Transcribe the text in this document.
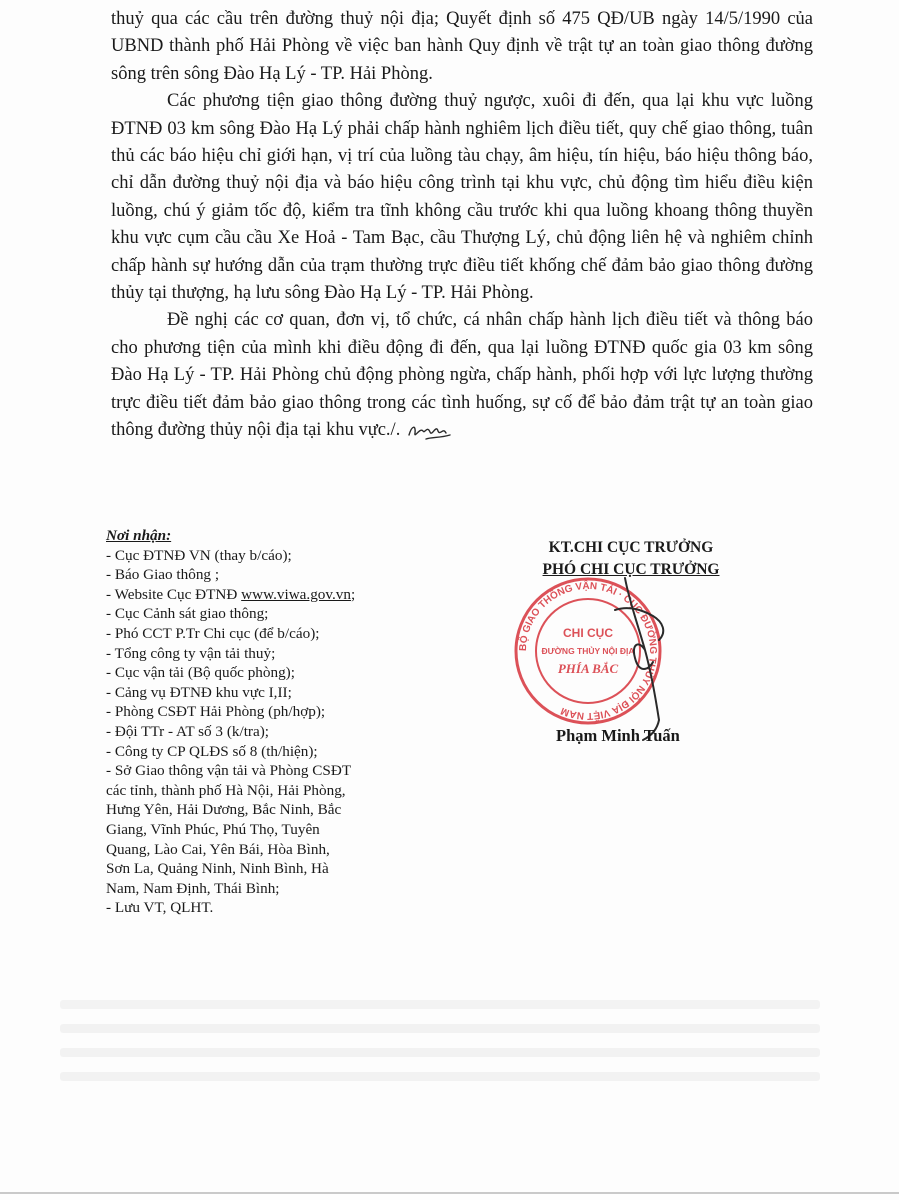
thuỷ qua các cầu trên đường thuỷ nội địa; Quyết định số 475 QĐ/UB ngày 14/5/1990 của UBND thành phố Hải Phòng về việc ban hành Quy định về trật tự an toàn giao thông đường sông trên sông Đào Hạ Lý - TP. Hải Phòng.

Các phương tiện giao thông đường thuỷ ngược, xuôi đi đến, qua lại khu vực luồng ĐTNĐ 03 km sông Đào Hạ Lý phải chấp hành nghiêm lịch điều tiết, quy chế giao thông, tuân thủ các báo hiệu chỉ giới hạn, vị trí của luồng tàu chạy, âm hiệu, tín hiệu, báo hiệu thông báo, chỉ dẫn đường thuỷ nội địa và báo hiệu công trình tại khu vực, chủ động tìm hiểu điều kiện luồng, chú ý giảm tốc độ, kiểm tra tĩnh không cầu trước khi qua luồng khoang thông thuyền khu vực cụm cầu cầu Xe Hoả - Tam Bạc, cầu Thượng Lý, chủ động liên hệ và nghiêm chỉnh chấp hành sự hướng dẫn của trạm thường trực điều tiết khống chế đảm bảo giao thông đường thủy tại thượng, hạ lưu sông Đào Hạ Lý - TP. Hải Phòng.

Đề nghị các cơ quan, đơn vị, tổ chức, cá nhân chấp hành lịch điều tiết và thông báo cho phương tiện của mình khi điều động đi đến, qua lại luồng ĐTNĐ quốc gia 03 km sông Đào Hạ Lý - TP. Hải Phòng chủ động phòng ngừa, chấp hành, phối hợp với lực lượng thường trực điều tiết đảm bảo giao thông trong các tình huống, sự cố để bảo đảm trật tự an toàn giao thông đường thủy nội địa tại khu vực./.

Nơi nhận:
- Cục ĐTNĐ VN (thay b/cáo);
- Báo Giao thông ;
- Website Cục ĐTNĐ www.viwa.gov.vn;
- Cục Cảnh sát giao thông;
- Phó CCT P.Tr Chi cục (để b/cáo);
- Tổng công ty vận tải thuỷ;
- Cục vận tải (Bộ quốc phòng);
- Cảng vụ ĐTNĐ khu vực I,II;
- Phòng CSĐT Hải Phòng (ph/hợp);
- Đội TTr - AT số 3 (k/tra);
- Công ty CP QLĐS số 8 (th/hiện);
- Sở Giao thông vận tải và Phòng CSĐT
các tỉnh, thành phố Hà Nội, Hải Phòng,
Hưng Yên, Hải Dương, Bắc Ninh, Bắc
Giang, Vĩnh Phúc, Phú Thọ, Tuyên
Quang, Lào Cai, Yên Bái, Hòa Bình,
Sơn La, Quảng Ninh, Ninh Bình, Hà
Nam, Nam Định, Thái Bình;
- Lưu VT, QLHT.
KT.CHI CỤC TRƯỞNG
PHÓ CHI CỤC TRƯỞNG
BỘ GIAO THÔNG VẬN TẢI · CỤC ĐƯỜNG THỦY NỘI ĐỊA VIỆT NAM
CHI CỤC
ĐƯỜNG THỦY NỘI ĐỊA
PHÍA BẮC
Phạm Minh Tuấn
